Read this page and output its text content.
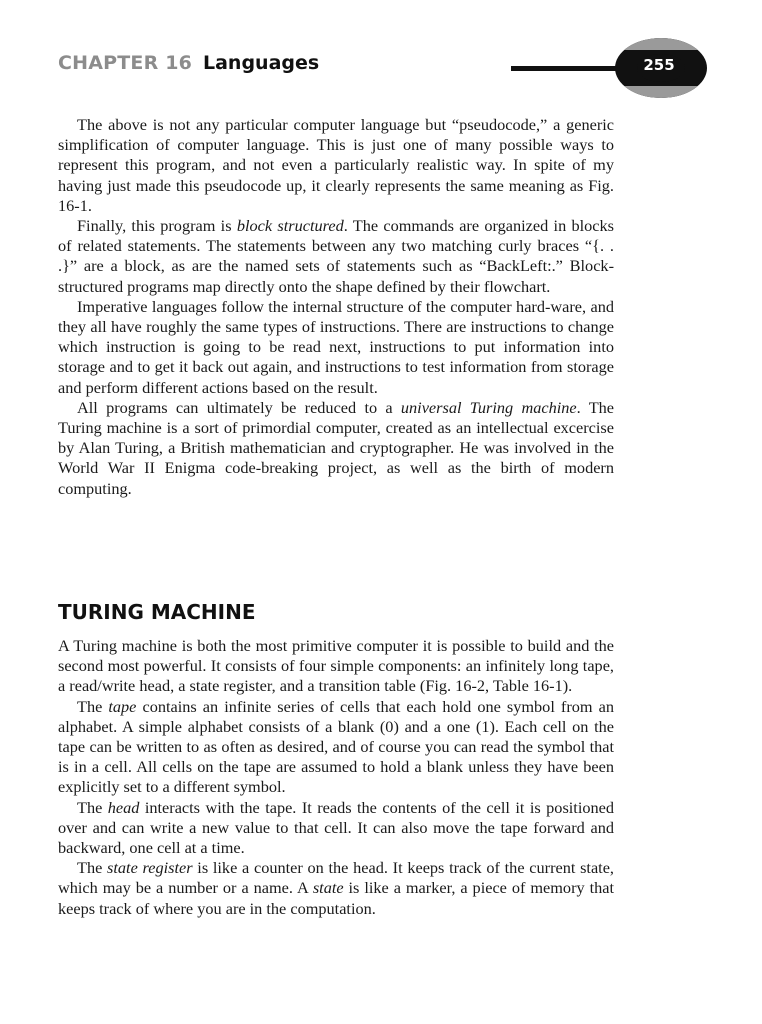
CHAPTER 16 Languages	255

The above is not any particular computer language but “pseudocode,” a generic simplification of computer language. This is just one of many possible ways to represent this program, and not even a particularly realistic way. In spite of my having just made this pseudocode up, it clearly represents the same meaning as Fig. 16-1.

Finally, this program is block structured. The commands are organized in blocks of related statements. The statements between any two matching curly braces “{. . .}” are a block, as are the named sets of statements such as “BackLeft:.” Block-structured programs map directly onto the shape defined by their flowchart.

Imperative languages follow the internal structure of the computer hard-ware, and they all have roughly the same types of instructions. There are instructions to change which instruction is going to be read next, instructions to put information into storage and to get it back out again, and instructions to test information from storage and perform different actions based on the result.

All programs can ultimately be reduced to a universal Turing machine. The Turing machine is a sort of primordial computer, created as an intellectual excercise by Alan Turing, a British mathematician and cryptographer. He was involved in the World War II Enigma code-breaking project, as well as the birth of modern computing.

TURING MACHINE

A Turing machine is both the most primitive computer it is possible to build and the second most powerful. It consists of four simple components: an infinitely long tape, a read/write head, a state register, and a transition table (Fig. 16-2, Table 16-1).

The tape contains an infinite series of cells that each hold one symbol from an alphabet. A simple alphabet consists of a blank (0) and a one (1). Each cell on the tape can be written to as often as desired, and of course you can read the symbol that is in a cell. All cells on the tape are assumed to hold a blank unless they have been explicitly set to a different symbol.

The head interacts with the tape. It reads the contents of the cell it is positioned over and can write a new value to that cell. It can also move the tape forward and backward, one cell at a time.

The state register is like a counter on the head. It keeps track of the current state, which may be a number or a name. A state is like a marker, a piece of memory that keeps track of where you are in the computation.
